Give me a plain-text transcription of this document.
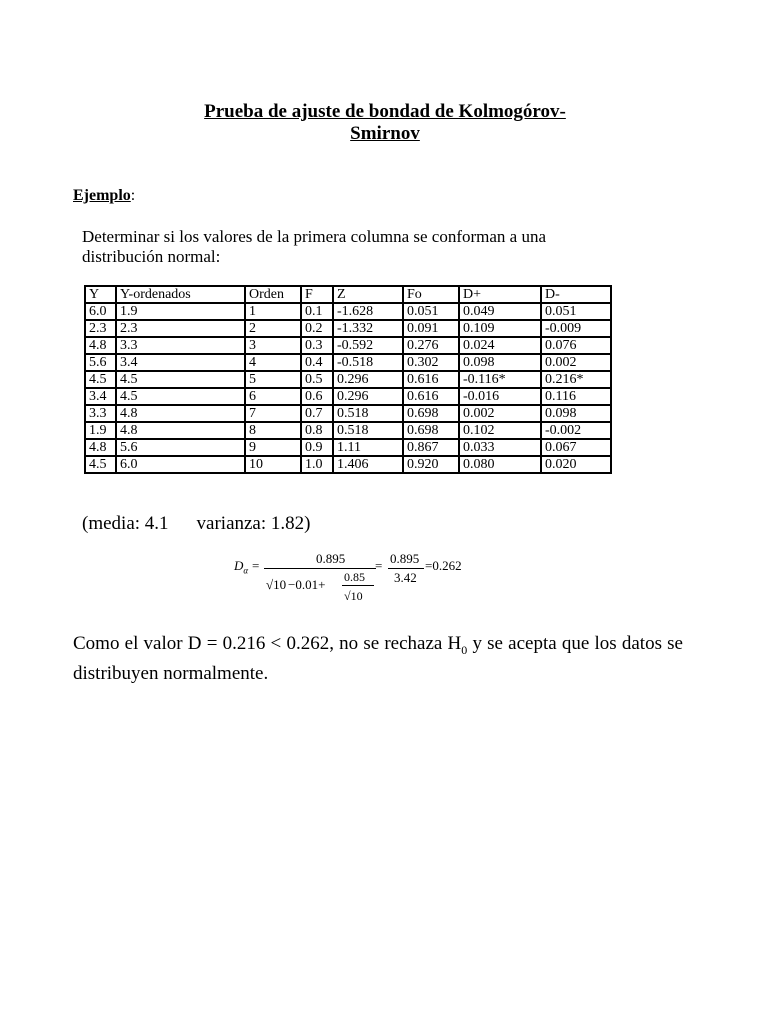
Prueba de ajuste de bondad de Kolmogórov-
Smirnov
Ejemplo:
Determinar si los valores de la primera columna se conforman a una
distribución normal:
Y	Y-ordenados	Orden	F	Z	Fo	D+	D-
6.0	1.9	1	0.1	-1.628	0.051	0.049	0.051
2.3	2.3	2	0.2	-1.332	0.091	0.109	-0.009
4.8	3.3	3	0.3	-0.592	0.276	0.024	0.076
5.6	3.4	4	0.4	-0.518	0.302	0.098	0.002
4.5	4.5	5	0.5	0.296	0.616	-0.116*	0.216*
3.4	4.5	6	0.6	0.296	0.616	-0.016	0.116
3.3	4.8	7	0.7	0.518	0.698	0.002	0.098
1.9	4.8	8	0.8	0.518	0.698	0.102	-0.002
4.8	5.6	9	0.9	1.11	0.867	0.033	0.067
4.5	6.0	10	1.0	1.406	0.920	0.080	0.020
(media: 4.1 varianza: 1.82)
$D_\alpha$ =	0.895
√10 −0.01+ 0.85
√10
= 0.895
3.42
=0.262
Como el valor D = 0.216 < 0.262, no se rechaza $H_0$ y se acepta que los datos se distribuyen normalmente.
